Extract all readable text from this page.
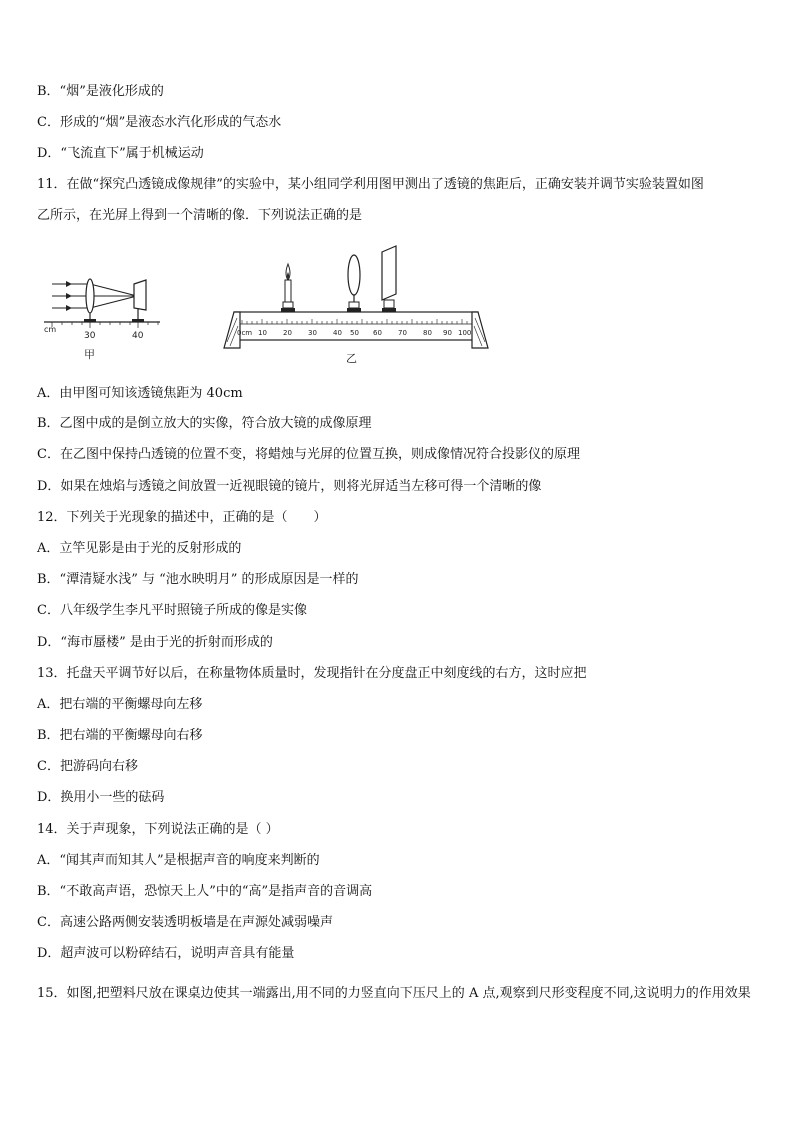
B．“烟”是液化形成的
C．形成的“烟”是液态水汽化形成的气态水
D．“飞流直下”属于机械运动
11．在做“探究凸透镜成像规律”的实验中，某小组同学利用图甲测出了透镜的焦距后，正确安装并调节实验装置如图
乙所示，在光屏上得到一个清晰的像．下列说法正确的是
cm
30	40
甲
0cm 10 20 30 40 50 60 70 80 90 100
乙
A．由甲图可知该透镜焦距为 40cm
B．乙图中成的是倒立放大的实像，符合放大镜的成像原理
C．在乙图中保持凸透镜的位置不变，将蜡烛与光屏的位置互换，则成像情况符合投影仪的原理
D．如果在烛焰与透镜之间放置一近视眼镜的镜片，则将光屏适当左移可得一个清晰的像
12．下列关于光现象的描述中，正确的是（　　）
A．立竿见影是由于光的反射形成的
B．“潭清疑水浅” 与 “池水映明月” 的形成原因是一样的
C．八年级学生李凡平时照镜子所成的像是实像
D．“海市蜃楼” 是由于光的折射而形成的
13．托盘天平调节好以后，在称量物体质量时，发现指针在分度盘正中刻度线的右方，这时应把
A．把右端的平衡螺母向左移
B．把右端的平衡螺母向右移
C．把游码向右移
D．换用小一些的砝码
14．关于声现象，下列说法正确的是（ ）
A．“闻其声而知其人”是根据声音的响度来判断的
B．“不敢高声语，恐惊天上人”中的“高”是指声音的音调高
C．高速公路两侧安装透明板墙是在声源处减弱噪声
D．超声波可以粉碎结石，说明声音具有能量
15．如图,把塑料尺放在课桌边使其一端露出,用不同的力竖直向下压尺上的 A 点,观察到尺形变程度不同,这说明力的作用效果
